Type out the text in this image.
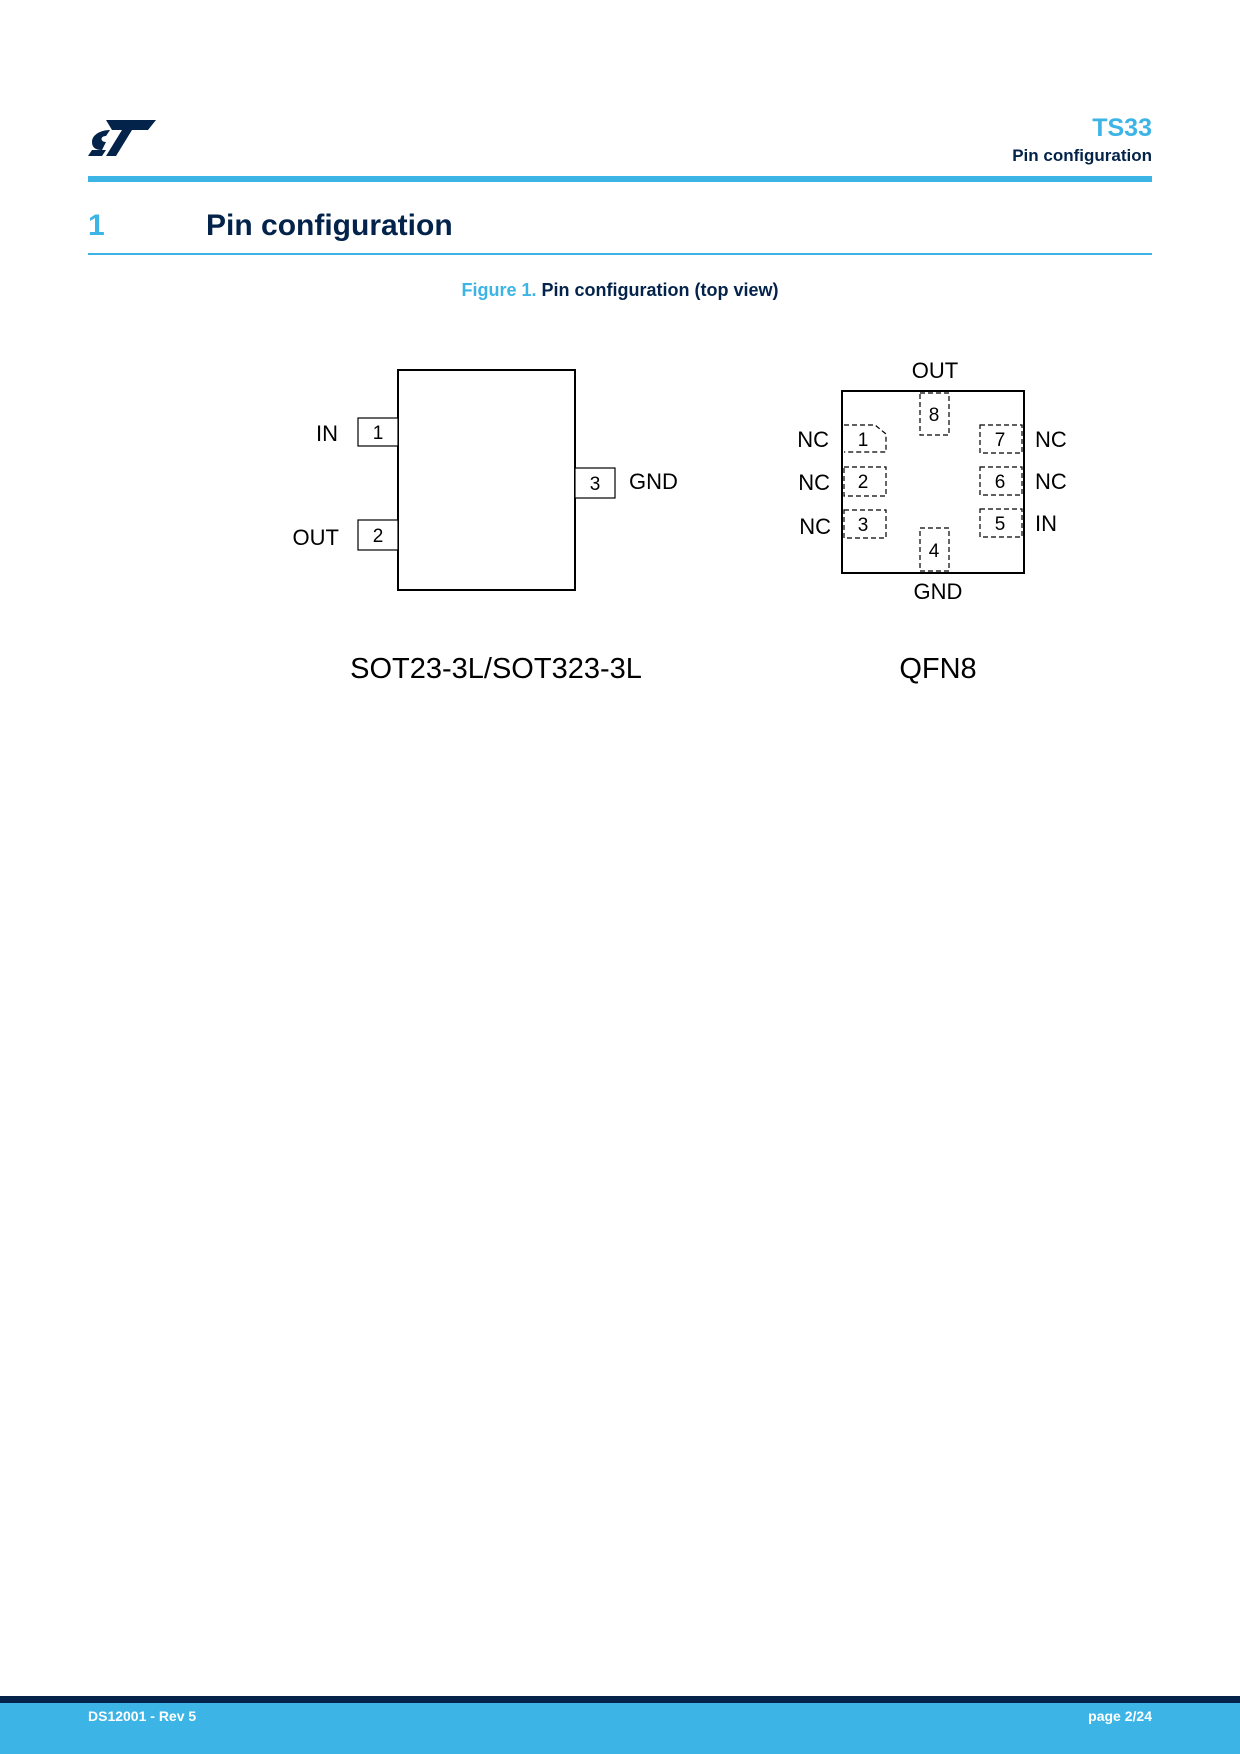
TS33
Pin configuration
1	Pin configuration
Figure 1. Pin configuration (top view)
1
IN
2
OUT
3 GND
SOT23-3L/SOT323-3L
1
NC
2
NC
3
NC
4
GND
5 IN
6 NC
7 NC
8
OUT
QFN8
DS12001 - Rev 5	page 2/24
